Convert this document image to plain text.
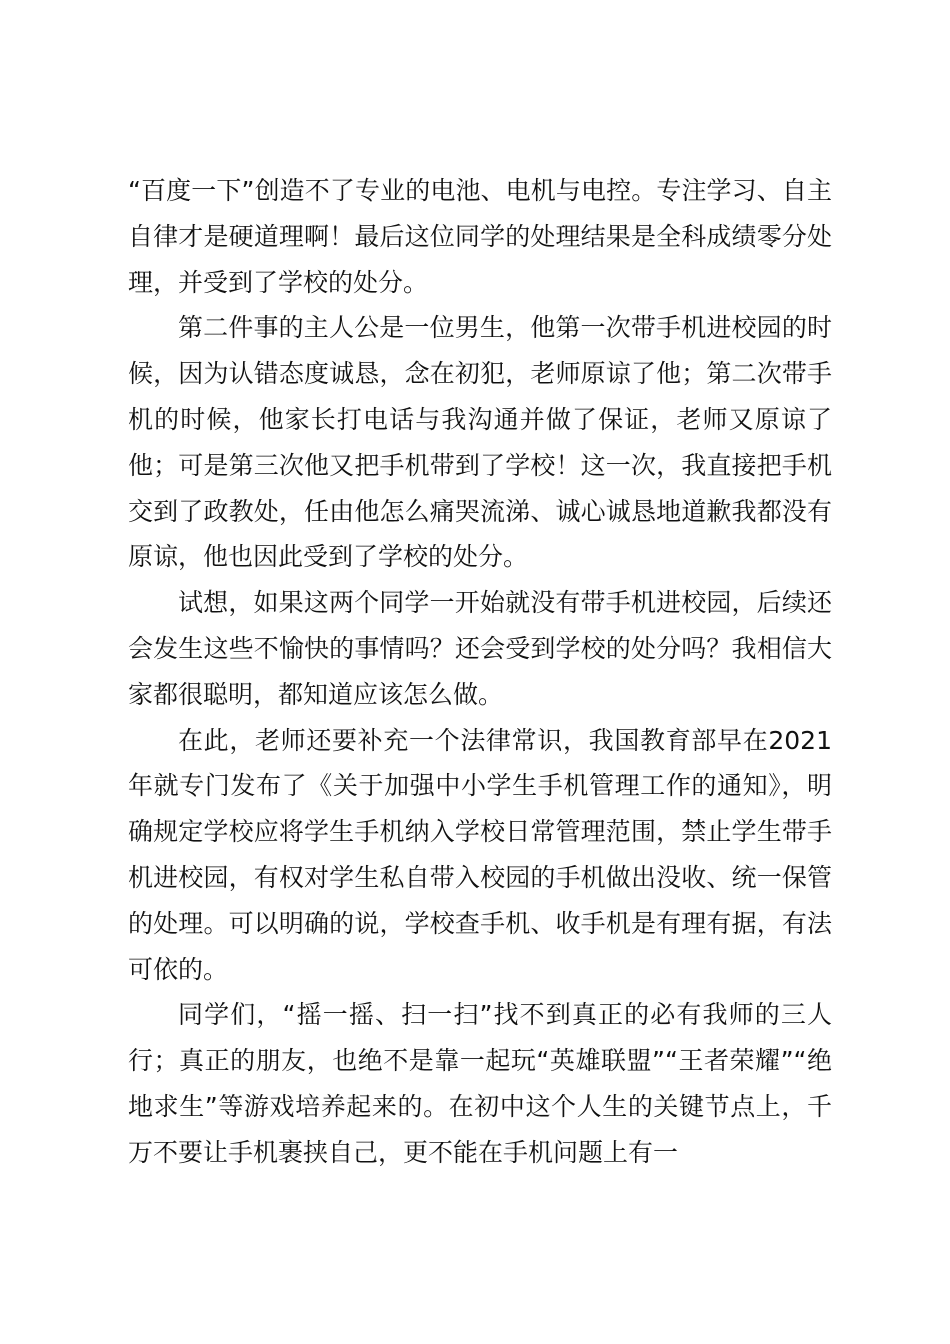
“百度一下”创造不了专业的电池、电机与电控。专注学习、自主自律才是硬道理啊！最后这位同学的处理结果是全科成绩零分处理，并受到了学校的处分。

第二件事的主人公是一位男生，他第一次带手机进校园的时候，因为认错态度诚恳，念在初犯，老师原谅了他；第二次带手机的时候，他家长打电话与我沟通并做了保证，老师又原谅了他；可是第三次他又把手机带到了学校！这一次，我直接把手机交到了政教处，任由他怎么痛哭流涕、诚心诚恳地道歉我都没有原谅，他也因此受到了学校的处分。

试想，如果这两个同学一开始就没有带手机进校园，后续还会发生这些不愉快的事情吗？还会受到学校的处分吗？我相信大家都很聪明，都知道应该怎么做。

在此，老师还要补充一个法律常识，我国教育部早在2021 年就专门发布了《关于加强中小学生手机管理工作的通知》，明确规定学校应将学生手机纳入学校日常管理范围，禁止学生带手机进校园，有权对学生私自带入校园的手机做出没收、统一保管的处理。可以明确的说，学校查手机、收手机是有理有据，有法可依的。

同学们，“摇一摇、扫一扫”找不到真正的必有我师的三人行；真正的朋友，也绝不是靠一起玩“英雄联盟”“王者荣耀”“绝地求生”等游戏培养起来的。在初中这个人生的关键节点上，千万不要让手机裹挟自己，更不能在手机问题上有一
